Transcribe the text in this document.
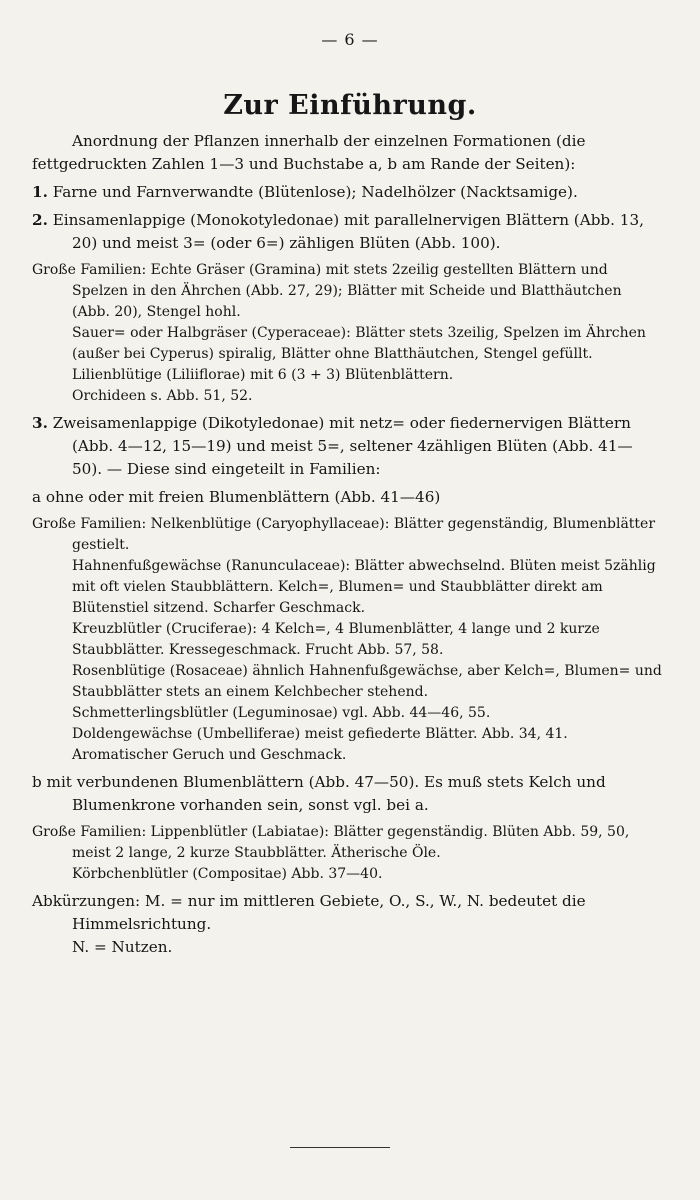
— 6 —
Zur Einführung.

Anordnung der Pflanzen innerhalb der einzelnen Formationen (die fettgedruckten Zahlen 1—3 und Buchstabe a, b am Rande der Seiten):

1. Farne und Farnverwandte (Blütenlose); Nadelhölzer (Nacktsamige).

2. Einsamenlappige (Monokotyledonae) mit parallelnervigen Blättern (Abb. 13, 20) und meist 3= (oder 6=) zähligen Blüten (Abb. 100).

Große Familien: Echte Gräser (Gramina) mit stets 2zeilig gestellten Blättern und Spelzen in den Ährchen (Abb. 27, 29); Blätter mit Scheide und Blatthäutchen (Abb. 20), Stengel hohl.

Sauer= oder Halbgräser (Cyperaceae): Blätter stets 3zeilig, Spelzen im Ährchen (außer bei Cyperus) spiralig, Blätter ohne Blatthäutchen, Stengel gefüllt.

Lilienblütige (Liliiflorae) mit 6 (3 + 3) Blütenblättern.

Orchideen s. Abb. 51, 52.

3. Zweisamenlappige (Dikotyledonae) mit netz= oder fiedernervigen Blättern (Abb. 4—12, 15—19) und meist 5=, seltener 4zähligen Blüten (Abb. 41—50). — Diese sind eingeteilt in Familien:

a ohne oder mit freien Blumenblättern (Abb. 41—46)

Große Familien: Nelkenblütige (Caryophyllaceae): Blätter gegenständig, Blumenblätter gestielt.

Hahnenfußgewächse (Ranunculaceae): Blätter abwechselnd. Blüten meist 5zählig mit oft vielen Staubblättern. Kelch=, Blumen= und Staubblätter direkt am Blütenstiel sitzend. Scharfer Geschmack.

Kreuzblütler (Cruciferae): 4 Kelch=, 4 Blumenblätter, 4 lange und 2 kurze Staubblätter. Kressegeschmack. Frucht Abb. 57, 58.

Rosenblütige (Rosaceae) ähnlich Hahnenfußgewächse, aber Kelch=, Blumen= und Staubblätter stets an einem Kelchbecher stehend.

Schmetterlingsblütler (Leguminosae) vgl. Abb. 44—46, 55.

Doldengewächse (Umbelliferae) meist gefiederte Blätter. Abb. 34, 41. Aromatischer Geruch und Geschmack.

b mit verbundenen Blumenblättern (Abb. 47—50). Es muß stets Kelch und Blumenkrone vorhanden sein, sonst vgl. bei a.

Große Familien: Lippenblütler (Labiatae): Blätter gegenständig. Blüten Abb. 59, 50, meist 2 lange, 2 kurze Staubblätter. Ätherische Öle.

Körbchenblütler (Compositae) Abb. 37—40.

Abkürzungen: M. = nur im mittleren Gebiete, O., S., W., N. bedeutet die Himmelsrichtung.

N. = Nutzen.
